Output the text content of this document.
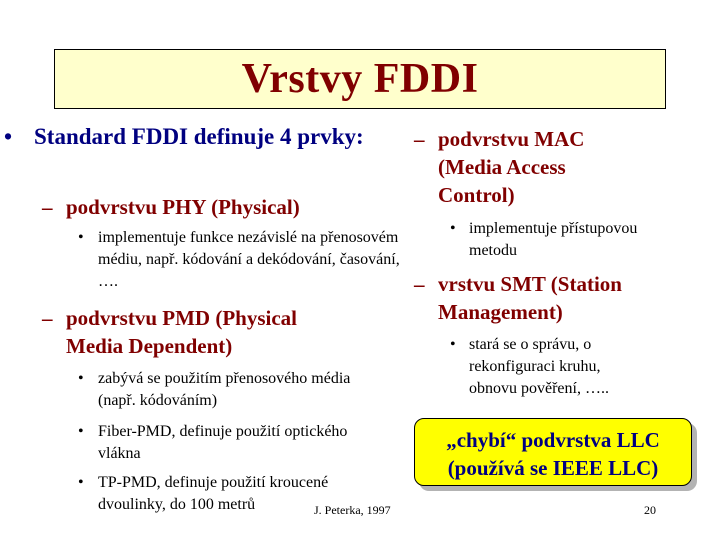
Vrstvy FDDI
• Standard FDDI definuje 4 prvky:
– podvrstvu PHY (Physical)
• implementuje funkce nezávislé na přenosovém médiu, např. kódování a dekódování, časování, ….
– podvrstvu PMD (Physical Media Dependent)
• zabývá se použitím přenosového média (např. kódováním)
• Fiber-PMD, definuje použití optického vlákna
• TP-PMD, definuje použití kroucené dvoulinky, do 100 metrů
– podvrstvu MAC (Media Access Control)
• implementuje přístupovou metodu
– vrstvu SMT (Station Management)
• stará se o správu, o rekonfiguraci kruhu, obnovu pověření, …..
„chybí“ podvrstva LLC
(používá se IEEE LLC)
J. Peterka, 1997	20
